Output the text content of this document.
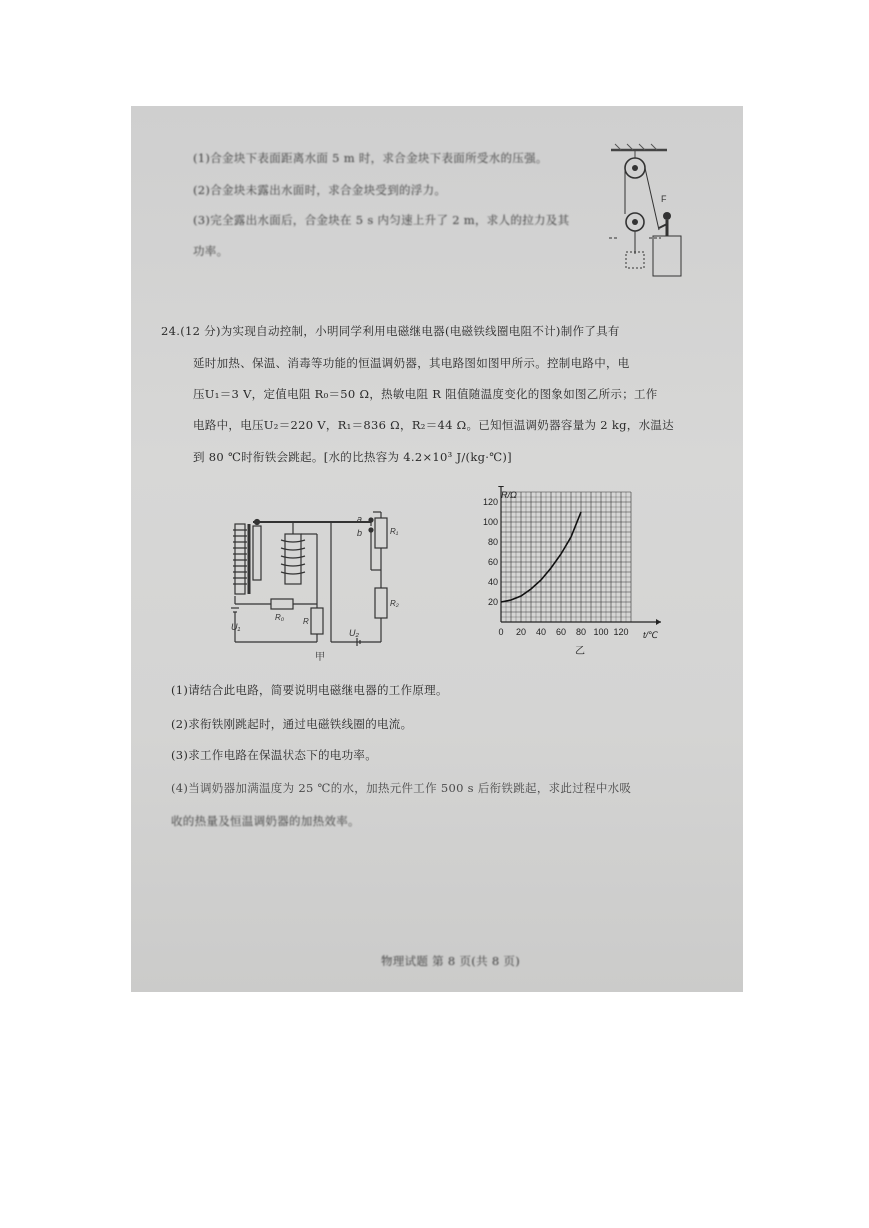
(1)合金块下表面距离水面 5 m 时，求合金块下表面所受水的压强。
(2)合金块未露出水面时，求合金块受到的浮力。
(3)完全露出水面后，合金块在 5 s 内匀速上升了 2 m，求人的拉力及其
功率。
F
24.(12 分)为实现自动控制，小明同学利用电磁继电器(电磁铁线圈电阻不计)制作了具有
延时加热、保温、消毒等功能的恒温调奶器，其电路图如图甲所示。控制电路中，电
压U₁＝3 V，定值电阻 R₀＝50 Ω，热敏电阻 R 阻值随温度变化的图象如图乙所示；工作
电路中，电压U₂＝220 V，R₁＝836 Ω，R₂＝44 Ω。已知恒温调奶器容量为 2 kg，水温达
到 80 ℃时衔铁会跳起。[水的比热容为 4.2×10³ J/(kg·℃)]
a
b	R₁
R₂
R₀ R
U₁
U₂
甲
0 20 40 60 80 100 120
20
40
60
80
100
120
R/Ω
t/℃
乙
(1)请结合此电路，简要说明电磁继电器的工作原理。
(2)求衔铁刚跳起时，通过电磁铁线圈的电流。
(3)求工作电路在保温状态下的电功率。
(4)当调奶器加满温度为 25 ℃的水，加热元件工作 500 s 后衔铁跳起，求此过程中水吸
收的热量及恒温调奶器的加热效率。
物理试题 第 8 页(共 8 页)
